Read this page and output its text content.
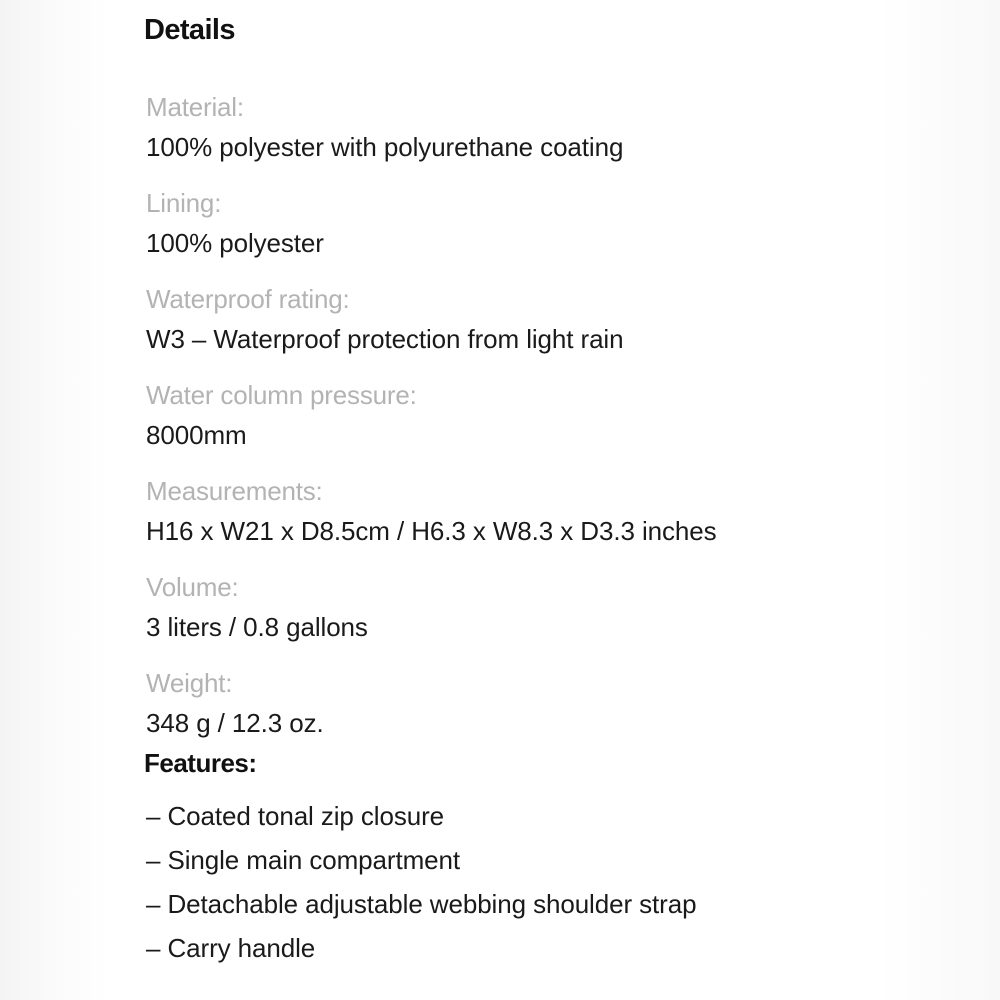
Details
Material:
100% polyester with polyurethane coating
Lining:
100% polyester
Waterproof rating:
W3 – Waterproof protection from light rain
Water column pressure:
8000mm
Measurements:
H16 x W21 x D8.5cm / H6.3 x W8.3 x D3.3 inches
Volume:
3 liters / 0.8 gallons
Weight:
348 g / 12.3 oz.
Features:
– Coated tonal zip closure
– Single main compartment
– Detachable adjustable webbing shoulder strap
– Carry handle
